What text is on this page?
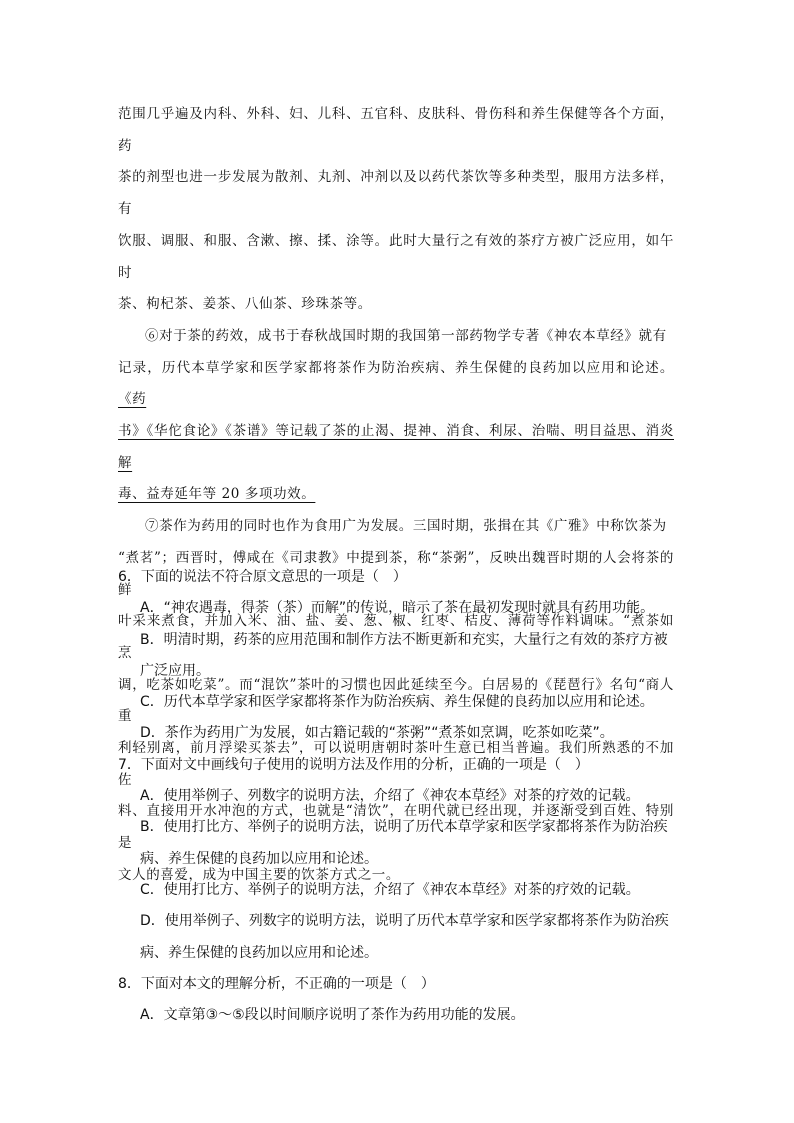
范围几乎遍及内科、外科、妇、儿科、五官科、皮肤科、骨伤科和养生保健等各个方面，药
茶的剂型也进一步发展为散剂、丸剂、冲剂以及以药代茶饮等多种类型，服用方法多样，有
饮服、调服、和服、含漱、擦、揉、涂等。此时大量行之有效的茶疗方被广泛应用，如午时
茶、枸杞茶、姜茶、八仙茶、珍珠茶等。

⑥对于茶的药效，成书于春秋战国时期的我国第一部药物学专著《神农本草经》就有
记录，历代本草学家和医学家都将茶作为防治疾病、养生保健的良药加以应用和论述。《药
书》《华佗食论》《茶谱》等记载了茶的止渴、提神、消食、利尿、治喘、明目益思、消炎解
毒、益寿延年等 20 多项功效。

⑦茶作为药用的同时也作为食用广为发展。三国时期，张揖在其《广雅》中称饮茶为
“煮茗”；西晋时，傅咸在《司隶教》中提到茶，称“茶粥”，反映出魏晋时期的人会将茶的鲜
叶采来煮食，并加入米、油、盐、姜、葱、椒、红枣、桔皮、薄荷等作料调味。“煮茶如烹
调，吃茶如吃菜”。而“混饮”茶叶的习惯也因此延续至今。白居易的《琵琶行》名句“商人重
利轻别离，前月浮梁买茶去”，可以说明唐朝时茶叶生意已相当普遍。我们所熟悉的不加佐
料、直接用开水冲泡的方式，也就是“清饮”，在明代就已经出现，并逐渐受到百姓、特别是
文人的喜爱，成为中国主要的饮茶方式之一。

6．下面的说法不符合原文意思的一项是（　）

A．“神农遇毒，得荼（茶）而解”的传说，暗示了茶在最初发现时就具有药用功能。

B．明清时期，药茶的应用范围和制作方法不断更新和充实，大量行之有效的茶疗方被

广泛应用。

C．历代本草学家和医学家都将茶作为防治疾病、养生保健的良药加以应用和论述。

D．茶作为药用广为发展，如古籍记载的“茶粥”“煮茶如烹调，吃茶如吃菜”。

7．下面对文中画线句子使用的说明方法及作用的分析，正确的一项是（　）

A．使用举例子、列数字的说明方法，介绍了《神农本草经》对茶的疗效的记载。

B．使用打比方、举例子的说明方法，说明了历代本草学家和医学家都将茶作为防治疾

病、养生保健的良药加以应用和论述。

C．使用打比方、举例子的说明方法，介绍了《神农本草经》对茶的疗效的记载。

D．使用举例子、列数字的说明方法，说明了历代本草学家和医学家都将茶作为防治疾

病、养生保健的良药加以应用和论述。

8．下面对本文的理解分析，不正确的一项是（　）

A．文章第③～⑤段以时间顺序说明了茶作为药用功能的发展。
